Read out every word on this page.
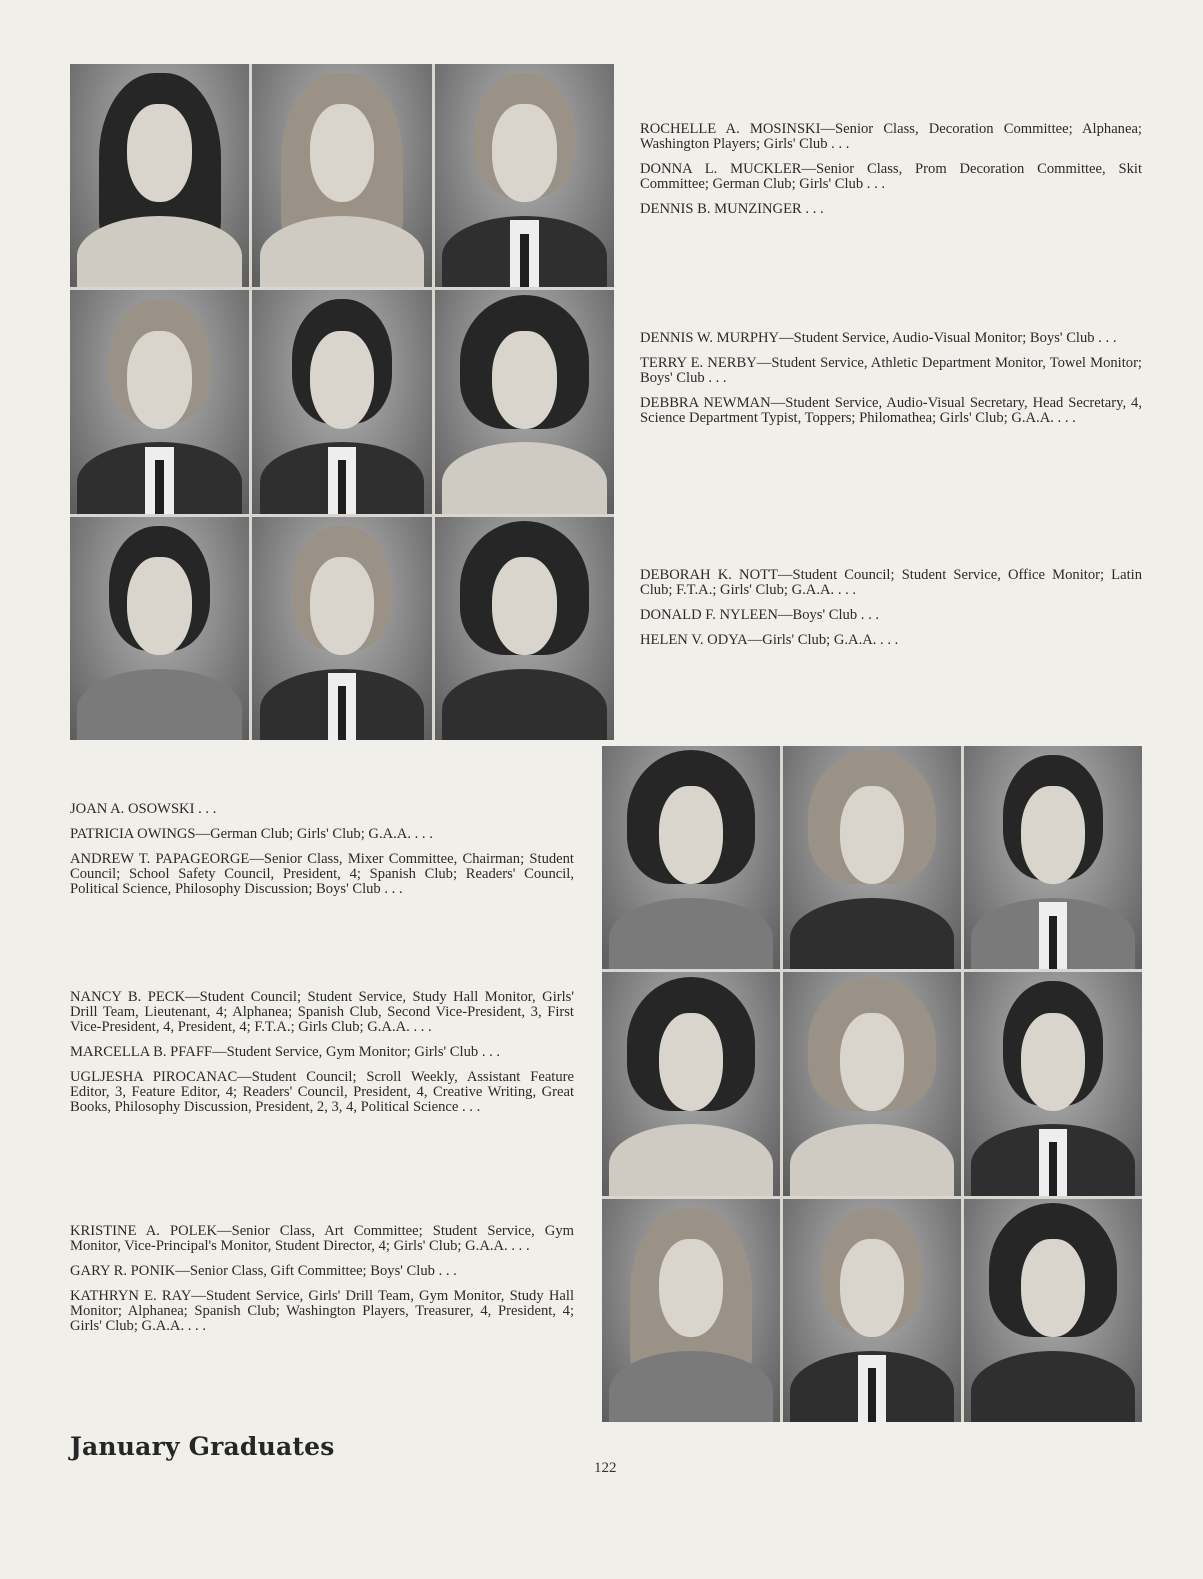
ROCHELLE A. MOSINSKI—Senior Class, Decoration Committee; Alphanea; Washington Players; Girls' Club . . .

DONNA L. MUCKLER—Senior Class, Prom Decoration Committee, Skit Committee; German Club; Girls' Club . . .

DENNIS B. MUNZINGER . . .

DENNIS W. MURPHY—Student Service, Audio-Visual Monitor; Boys' Club . . .

TERRY E. NERBY—Student Service, Athletic Department Monitor, Towel Monitor; Boys' Club . . .

DEBBRA NEWMAN—Student Service, Audio-Visual Secretary, Head Secretary, 4, Science Department Typist, Toppers; Philomathea; Girls' Club; G.A.A. . . .

DEBORAH K. NOTT—Student Council; Student Service, Office Monitor; Latin Club; F.T.A.; Girls' Club; G.A.A. . . .

DONALD F. NYLEEN—Boys' Club . . .

HELEN V. ODYA—Girls' Club; G.A.A. . . .

JOAN A. OSOWSKI . . .

PATRICIA OWINGS—German Club; Girls' Club; G.A.A. . . .

ANDREW T. PAPAGEORGE—Senior Class, Mixer Committee, Chairman; Student Council; School Safety Council, President, 4; Spanish Club; Readers' Council, Political Science, Philosophy Discussion; Boys' Club . . .

NANCY B. PECK—Student Council; Student Service, Study Hall Monitor, Girls' Drill Team, Lieutenant, 4; Alphanea; Spanish Club, Second Vice-President, 3, First Vice-President, 4, President, 4; F.T.A.; Girls Club; G.A.A. . . .

MARCELLA B. PFAFF—Student Service, Gym Monitor; Girls' Club . . .

UGLJESHA PIROCANAC—Student Council; Scroll Weekly, Assistant Feature Editor, 3, Feature Editor, 4; Readers' Council, President, 4, Creative Writing, Great Books, Philosophy Discussion, President, 2, 3, 4, Political Science . . .

KRISTINE A. POLEK—Senior Class, Art Committee; Student Service, Gym Monitor, Vice-Principal's Monitor, Student Director, 4; Girls' Club; G.A.A. . . .

GARY R. PONIK—Senior Class, Gift Committee; Boys' Club . . .

KATHRYN E. RAY—Student Service, Girls' Drill Team, Gym Monitor, Study Hall Monitor; Alphanea; Spanish Club; Washington Players, Treasurer, 4, President, 4; Girls' Club; G.A.A. . . .

January Graduates
122
